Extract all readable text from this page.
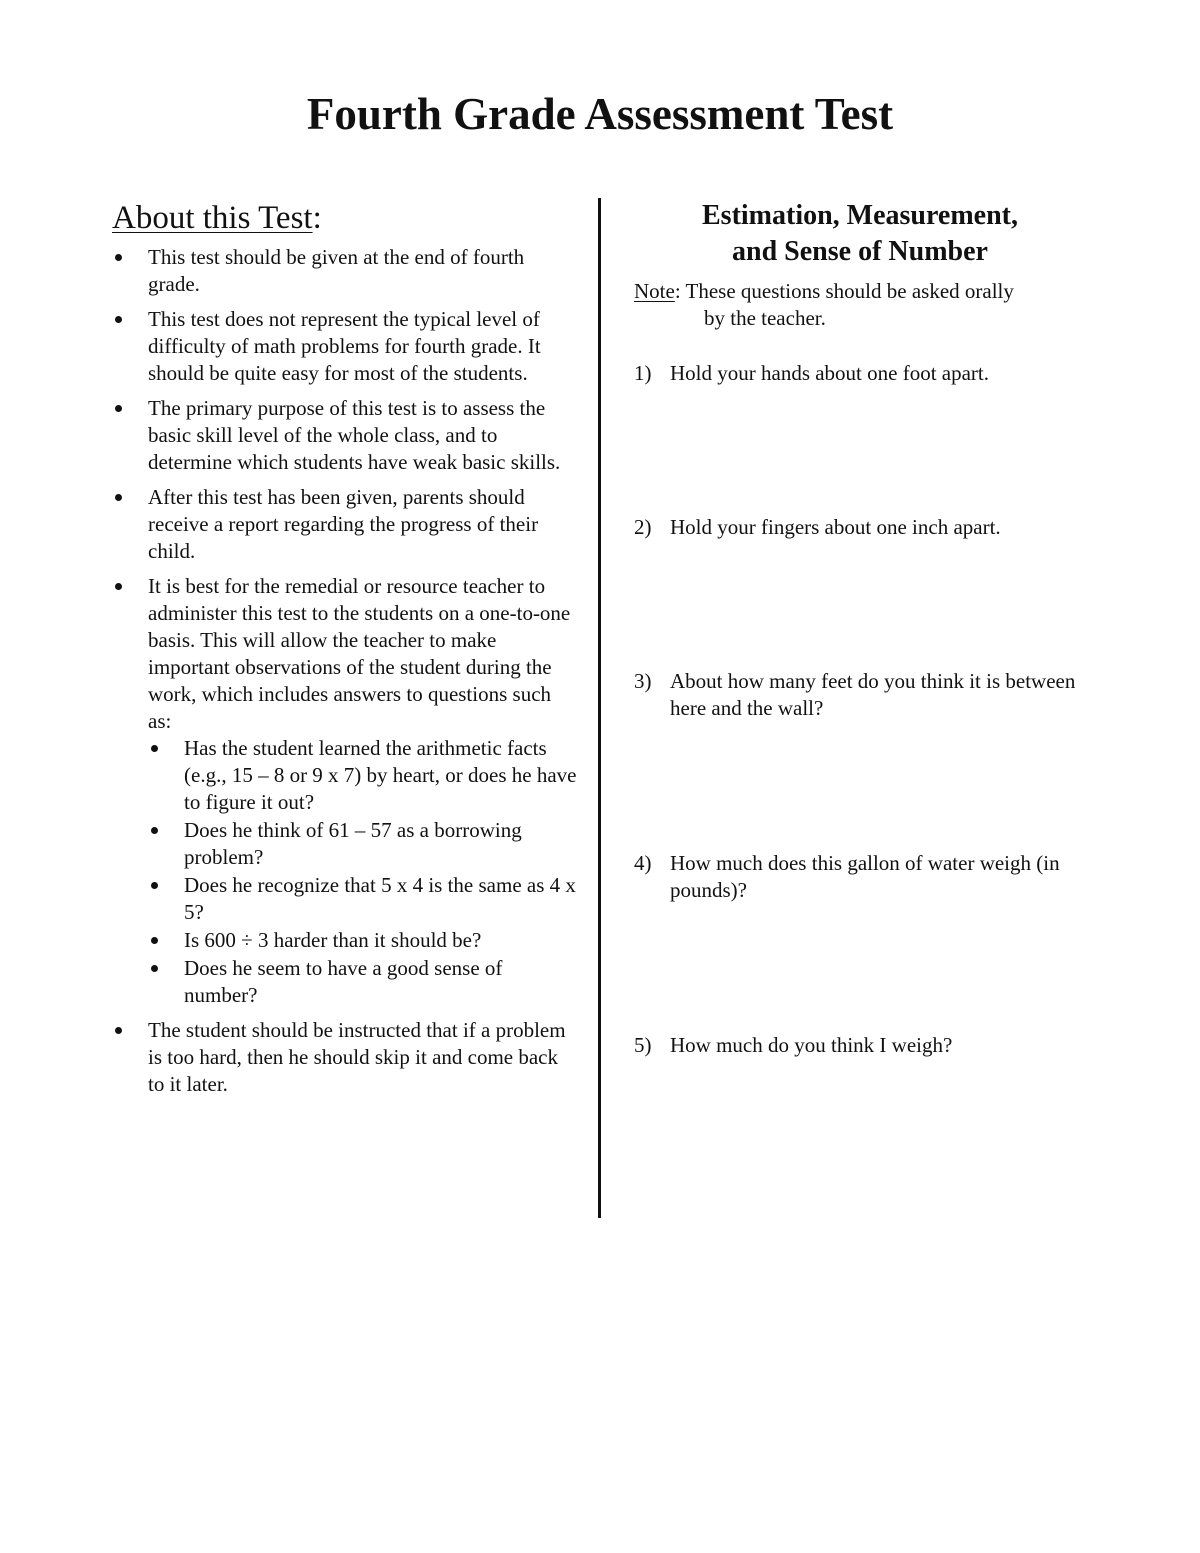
Fourth Grade Assessment Test
About this Test:
This test should be given at the end of fourth grade.
This test does not represent the typical level of difficulty of math problems for fourth grade. It should be quite easy for most of the students.
The primary purpose of this test is to assess the basic skill level of the whole class, and to determine which students have weak basic skills.
After this test has been given, parents should receive a report regarding the progress of their child.
It is best for the remedial or resource teacher to administer this test to the students on a one-to-one basis. This will allow the teacher to make important observations of the student during the work, which includes answers to questions such as:
Has the student learned the arithmetic facts (e.g., 15 – 8 or 9 x 7) by heart, or does he have to figure it out?
Does he think of 61 – 57 as a borrowing problem?
Does he recognize that 5 x 4 is the same as 4 x 5?
Is 600 ÷ 3 harder than it should be?
Does he seem to have a good sense of number?
The student should be instructed that if a problem is too hard, then he should skip it and come back to it later.
Estimation, Measurement,
and Sense of Number

Note: These questions should be asked orally
by the teacher.

1) Hold your hands about one foot apart.
2) Hold your fingers about one inch apart.
3) About how many feet do you think it is between here and the wall?
4) How much does this gallon of water weigh (in pounds)?
5) How much do you think I weigh?
